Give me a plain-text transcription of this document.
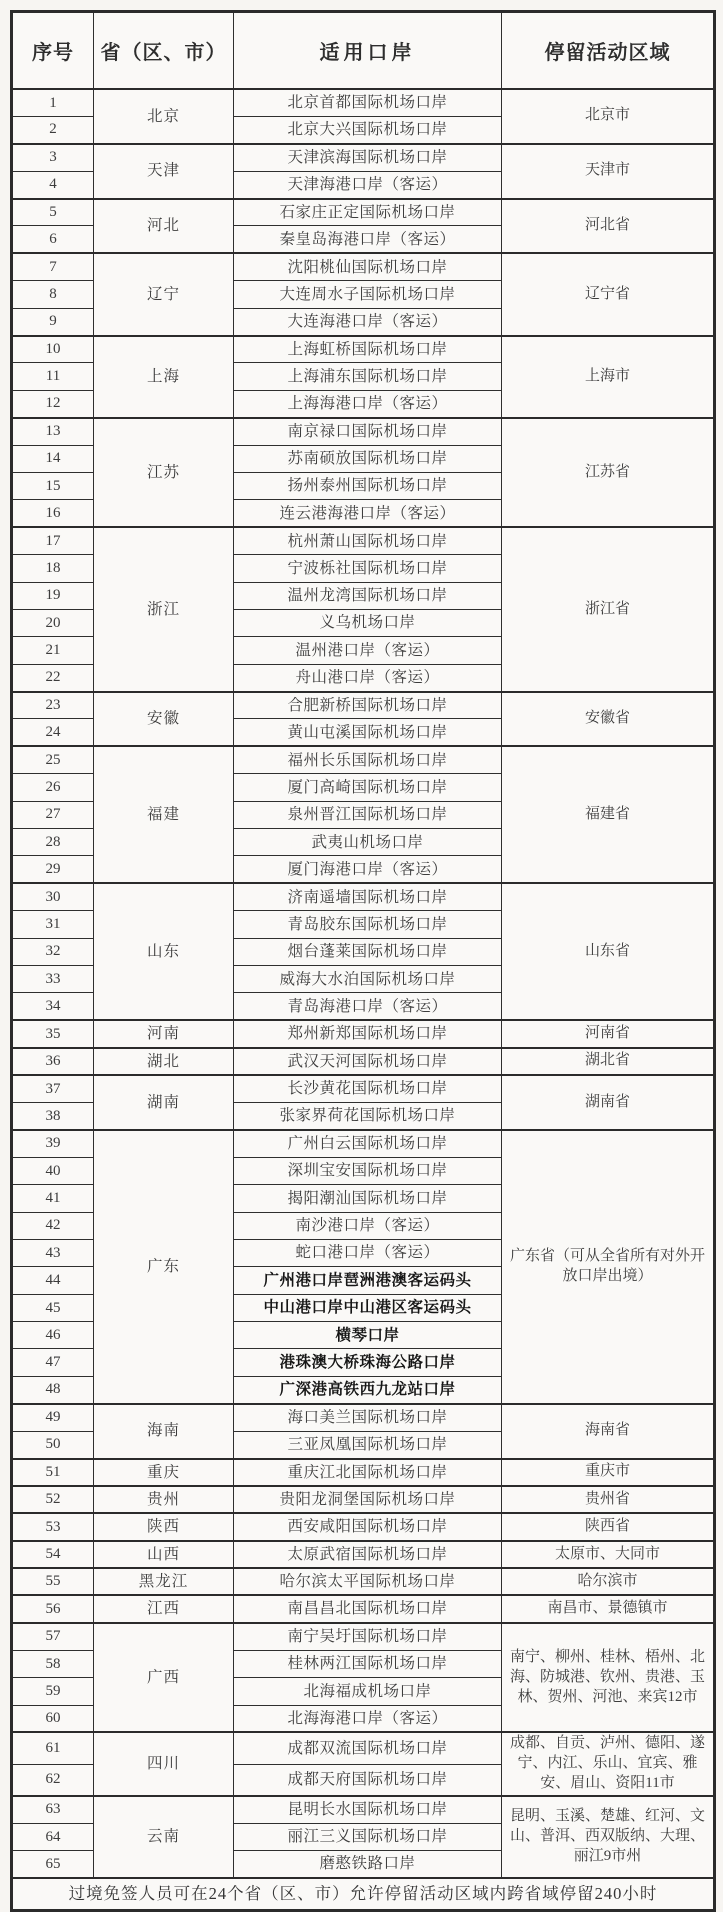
序号	省（区、市）	适用口岸	停留活动区域
1	北京	北京首都国际机场口岸	北京市
2		北京大兴国际机场口岸	
3	天津	天津滨海国际机场口岸	天津市
4		天津海港口岸（客运）	
5	河北	石家庄正定国际机场口岸	河北省
6		秦皇岛海港口岸（客运）	
7	辽宁	沈阳桃仙国际机场口岸	辽宁省
8		大连周水子国际机场口岸	
9		大连海港口岸（客运）	
10	上海	上海虹桥国际机场口岸	上海市
11		上海浦东国际机场口岸	
12		上海海港口岸（客运）	
13	江苏	南京禄口国际机场口岸	江苏省
14		苏南硕放国际机场口岸	
15		扬州泰州国际机场口岸	
16		连云港海港口岸（客运）	
17	浙江	杭州萧山国际机场口岸	浙江省
18		宁波栎社国际机场口岸	
19		温州龙湾国际机场口岸	
20		义乌机场口岸	
21		温州港口岸（客运）	
22		舟山港口岸（客运）	
23	安徽	合肥新桥国际机场口岸	安徽省
24		黄山屯溪国际机场口岸	
25	福建	福州长乐国际机场口岸	福建省
26		厦门高崎国际机场口岸	
27		泉州晋江国际机场口岸	
28		武夷山机场口岸	
29		厦门海港口岸（客运）	
30	山东	济南遥墙国际机场口岸	山东省
31		青岛胶东国际机场口岸	
32		烟台蓬莱国际机场口岸	
33		威海大水泊国际机场口岸	
34		青岛海港口岸（客运）	
35	河南	郑州新郑国际机场口岸	河南省
36	湖北	武汉天河国际机场口岸	湖北省
37	湖南	长沙黄花国际机场口岸	湖南省
38		张家界荷花国际机场口岸	
39	广东	广州白云国际机场口岸	广东省（可从全省所有对外开放口岸出境）
40		深圳宝安国际机场口岸	
41		揭阳潮汕国际机场口岸	
42		南沙港口岸（客运）	
43		蛇口港口岸（客运）	
44		广州港口岸琶洲港澳客运码头	
45		中山港口岸中山港区客运码头	
46		横琴口岸	
47		港珠澳大桥珠海公路口岸	
48		广深港高铁西九龙站口岸	
49	海南	海口美兰国际机场口岸	海南省
50		三亚凤凰国际机场口岸	
51	重庆	重庆江北国际机场口岸	重庆市
52	贵州	贵阳龙洞堡国际机场口岸	贵州省
53	陕西	西安咸阳国际机场口岸	陕西省
54	山西	太原武宿国际机场口岸	太原市、大同市
55	黑龙江	哈尔滨太平国际机场口岸	哈尔滨市
56	江西	南昌昌北国际机场口岸	南昌市、景德镇市
57	广西	南宁吴圩国际机场口岸	南宁、柳州、桂林、梧州、北海、防城港、钦州、贵港、玉林、贺州、河池、来宾12市
58		桂林两江国际机场口岸	
59		北海福成机场口岸	
60		北海海港口岸（客运）	
61	四川	成都双流国际机场口岸	成都、自贡、泸州、德阳、遂宁、内江、乐山、宜宾、雅安、眉山、资阳11市
62		成都天府国际机场口岸	
63	云南	昆明长水国际机场口岸	昆明、玉溪、楚雄、红河、文山、普洱、西双版纳、大理、丽江9市州
64		丽江三义国际机场口岸	
65		磨憨铁路口岸	
过境免签人员可在24个省（区、市）允许停留活动区域内跨省域停留240小时			
